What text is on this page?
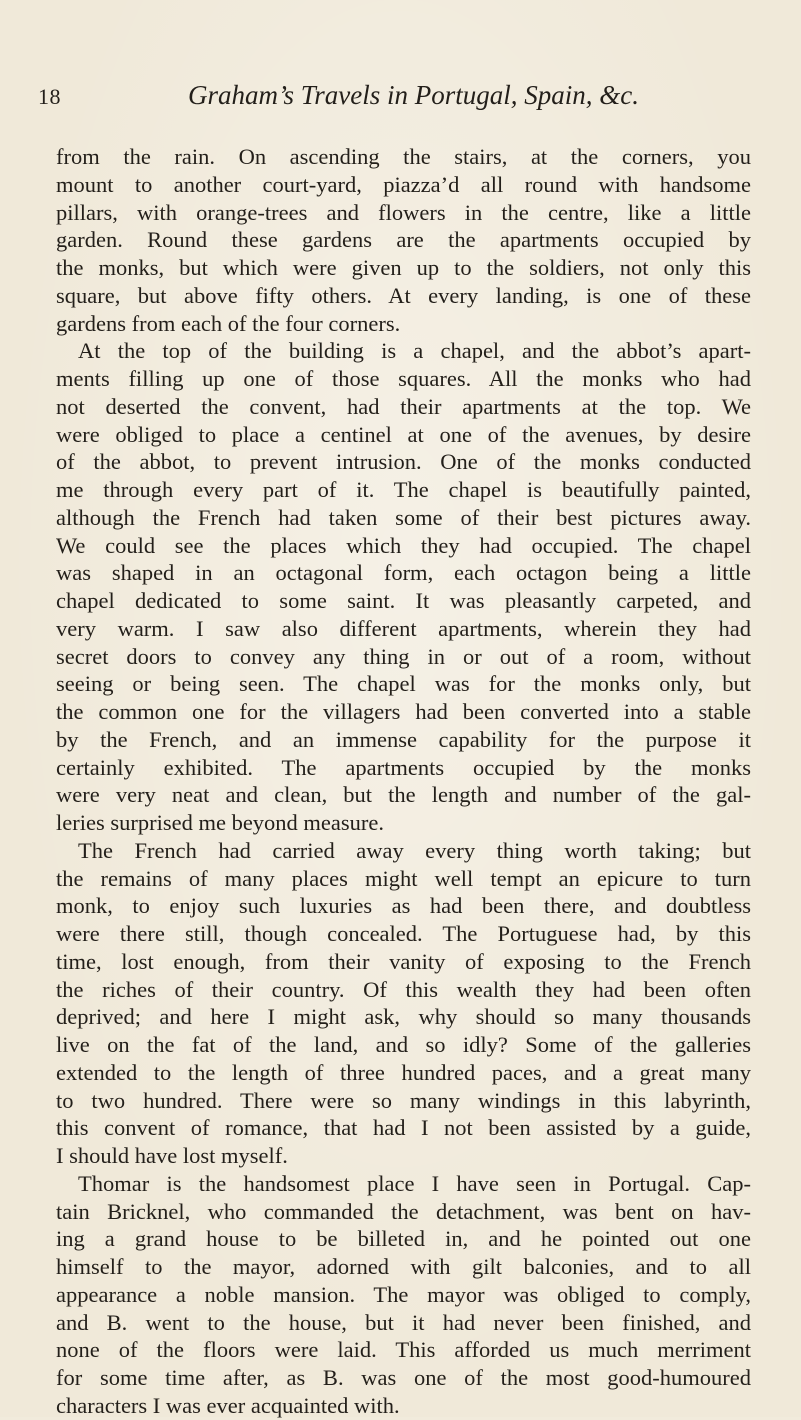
18	Graham’s Travels in Portugal, Spain, &c.
from the rain. On ascending the stairs, at the corners, you
mount to another court-yard, piazza’d all round with handsome
pillars, with orange-trees and flowers in the centre, like a little
garden. Round these gardens are the apartments occupied by
the monks, but which were given up to the soldiers, not only this
square, but above fifty others. At every landing, is one of these
gardens from each of the four corners.
At the top of the building is a chapel, and the abbot’s apart-
ments filling up one of those squares. All the monks who had
not deserted the convent, had their apartments at the top. We
were obliged to place a centinel at one of the avenues, by desire
of the abbot, to prevent intrusion. One of the monks conducted
me through every part of it. The chapel is beautifully painted,
although the French had taken some of their best pictures away.
We could see the places which they had occupied. The chapel
was shaped in an octagonal form, each octagon being a little
chapel dedicated to some saint. It was pleasantly carpeted, and
very warm. I saw also different apartments, wherein they had
secret doors to convey any thing in or out of a room, without
seeing or being seen. The chapel was for the monks only, but
the common one for the villagers had been converted into a stable
by the French, and an immense capability for the purpose it
certainly exhibited. The apartments occupied by the monks
were very neat and clean, but the length and number of the gal-
leries surprised me beyond measure.
The French had carried away every thing worth taking; but
the remains of many places might well tempt an epicure to turn
monk, to enjoy such luxuries as had been there, and doubtless
were there still, though concealed. The Portuguese had, by this
time, lost enough, from their vanity of exposing to the French
the riches of their country. Of this wealth they had been often
deprived; and here I might ask, why should so many thousands
live on the fat of the land, and so idly? Some of the galleries
extended to the length of three hundred paces, and a great many
to two hundred. There were so many windings in this labyrinth,
this convent of romance, that had I not been assisted by a guide,
I should have lost myself.
Thomar is the handsomest place I have seen in Portugal. Cap-
tain Bricknel, who commanded the detachment, was bent on hav-
ing a grand house to be billeted in, and he pointed out one
himself to the mayor, adorned with gilt balconies, and to all
appearance a noble mansion. The mayor was obliged to comply,
and B. went to the house, but it had never been finished, and
none of the floors were laid. This afforded us much merriment
for some time after, as B. was one of the most good-humoured
characters I was ever acquainted with.
